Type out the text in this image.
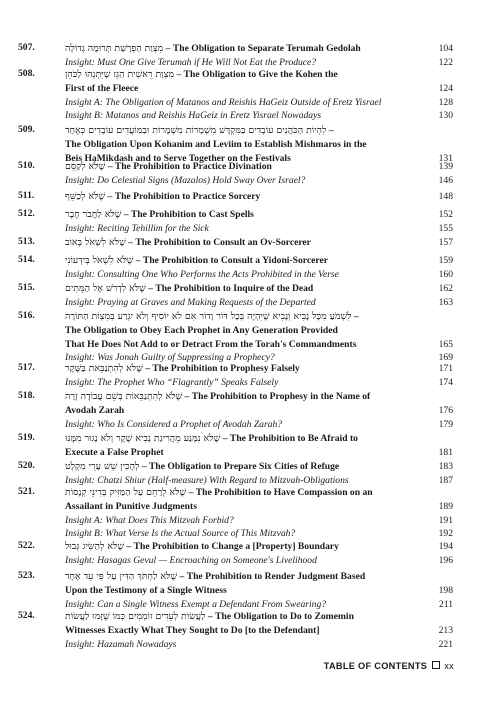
507.	מִצְוַת הַפְרָשַׁת תְּרוּמָה גְדוֹלָה – The Obligation to Separate Terumah Gedolah	104
Insight: Must One Give Terumah if He Will Not Eat the Produce?	122
508.	מִצְוַת רֵאשִׁית הַגֵּז שֶׁיִּתְּנֵהוּ לַכֹּהֵן – The Obligation to Give the Kohen the
First of the Fleece	124
Insight A: The Obligation of Matanos and Reishis HaGeiz Outside of Eretz Yisrael	128
Insight B: Matanos and Reishis HaGeiz in Eretz Yisrael Nowadays	130
509.	לִהְיוֹת הַכֹּהֲנִים עוֹבְדִים בַּמִּקְדָּשׁ מִשְׁמָרוֹת מִשְׁמָרוֹת וּבַמּוֹעֲדִים עוֹבְדִים כְּאֶחָד –
The Obligation Upon Kohanim and Leviim to Establish Mishmaros in the
Beis HaMikdash and to Serve Together on the Festivals	131
510.	שֶׁלֹּא לְקַסֵּם – The Prohibition to Practice Divination	139
Insight: Do Celestial Signs (Mazalos) Hold Sway Over Israel?	146
511.	שֶׁלֹּא לְכַשֵּׁף – The Prohibition to Practice Sorcery	148
512.	שֶׁלֹּא לַחֲבֹר חֶבֶר – The Prohibition to Cast Spells	152
Insight: Reciting Tehillim for the Sick	155
513.	שֶׁלֹּא לִשְׁאֹל בְּאוֹב – The Prohibition to Consult an Ov-Sorcerer	157
514.	שֶׁלֹּא לִשְׁאֹל בְּיִדְּעוֹנִי – The Prohibition to Consult a Yidoni-Sorcerer	159
Insight: Consulting One Who Performs the Acts Prohibited in the Verse	160
515.	שֶׁלֹּא לִדְרֹשׁ אֶל הַמֵּתִים – The Prohibition to Inquire of the Dead	162
Insight: Praying at Graves and Making Requests of the Departed	163
516.	לִשְׁמֹעַ מִכָּל נָבִיא וְנָבִיא שֶׁיִּהְיֶה בְּכָל דּוֹר וָדוֹר אִם לֹא יוֹסִיף וְלֹא יִגְרַע בְּמִצְוֹת הַתּוֹרָה –
The Obligation to Obey Each Prophet in Any Generation Provided
That He Does Not Add to or Detract From the Torah's Commandments	165
Insight: Was Jonah Guilty of Suppressing a Prophecy?	169
517.	שֶׁלֹּא לְהִתְנַבֵּאת בַּשֶּׁקֶר – The Prohibition to Prophesy Falsely	171
Insight: The Prophet Who “Flagrantly” Speaks Falsely	174
518.	שֶׁלֹּא לְהִתְנַבֵּאוֹת בְּשֵׁם עֲבוֹדָה זָרָה – The Prohibition to Prophesy in the Name of
Avodah Zarah	176
Insight: Who Is Considered a Prophet of Avodah Zarah?	179
519.	שֶׁלֹּא נִמָּנַע מֵהֲרִיגַת נְבִיא שֶׁקֶר וְלֹא נָגוּר מִמֶּנּוּ – The Prohibition to Be Afraid to
Execute a False Prophet	181
520.	לְהָכִין שֵׁשׁ עָרֵי מִקְלָט – The Obligation to Prepare Six Cities of Refuge	183
Insight: Chatzi Shiur (Half-measure) With Regard to Mitzvah-Obligations	187
521.	שֶׁלֹּא לְרַחֵם עַל הַמַּזִּיק בְּדִינֵי קְנָסוֹת – The Prohibition to Have Compassion on an
Assailant in Punitive Judgments	189
Insight A: What Does This Mitzvah Forbid?	191
Insight B: What Verse Is the Actual Source of This Mitzvah?	192
522.	שֶׁלֹּא לְהַשִּׂיג גְּבוּל – The Prohibition to Change a [Property] Boundary	194
Insight: Hasagas Gevul — Encroaching on Someone's Livelihood	196
523.	שֶׁלֹּא לַחְתֹּךְ הַדִּין עַל פִּי עֵד אֶחָד – The Prohibition to Render Judgment Based
Upon the Testimony of a Single Witness	198
Insight: Can a Single Witness Exempt a Defendant From Swearing?	211
524.	לַעֲשׂוֹת לְעֵדִים זוֹמְמִים כְּמוֹ שֶׁזָּמוּ לַעֲשׂוֹת – The Obligation to Do to Zomemin
Witnesses Exactly What They Sought to Do [to the Defendant]	213
Insight: Hazamah Nowadays	221
TABLE OF CONTENTS xx
